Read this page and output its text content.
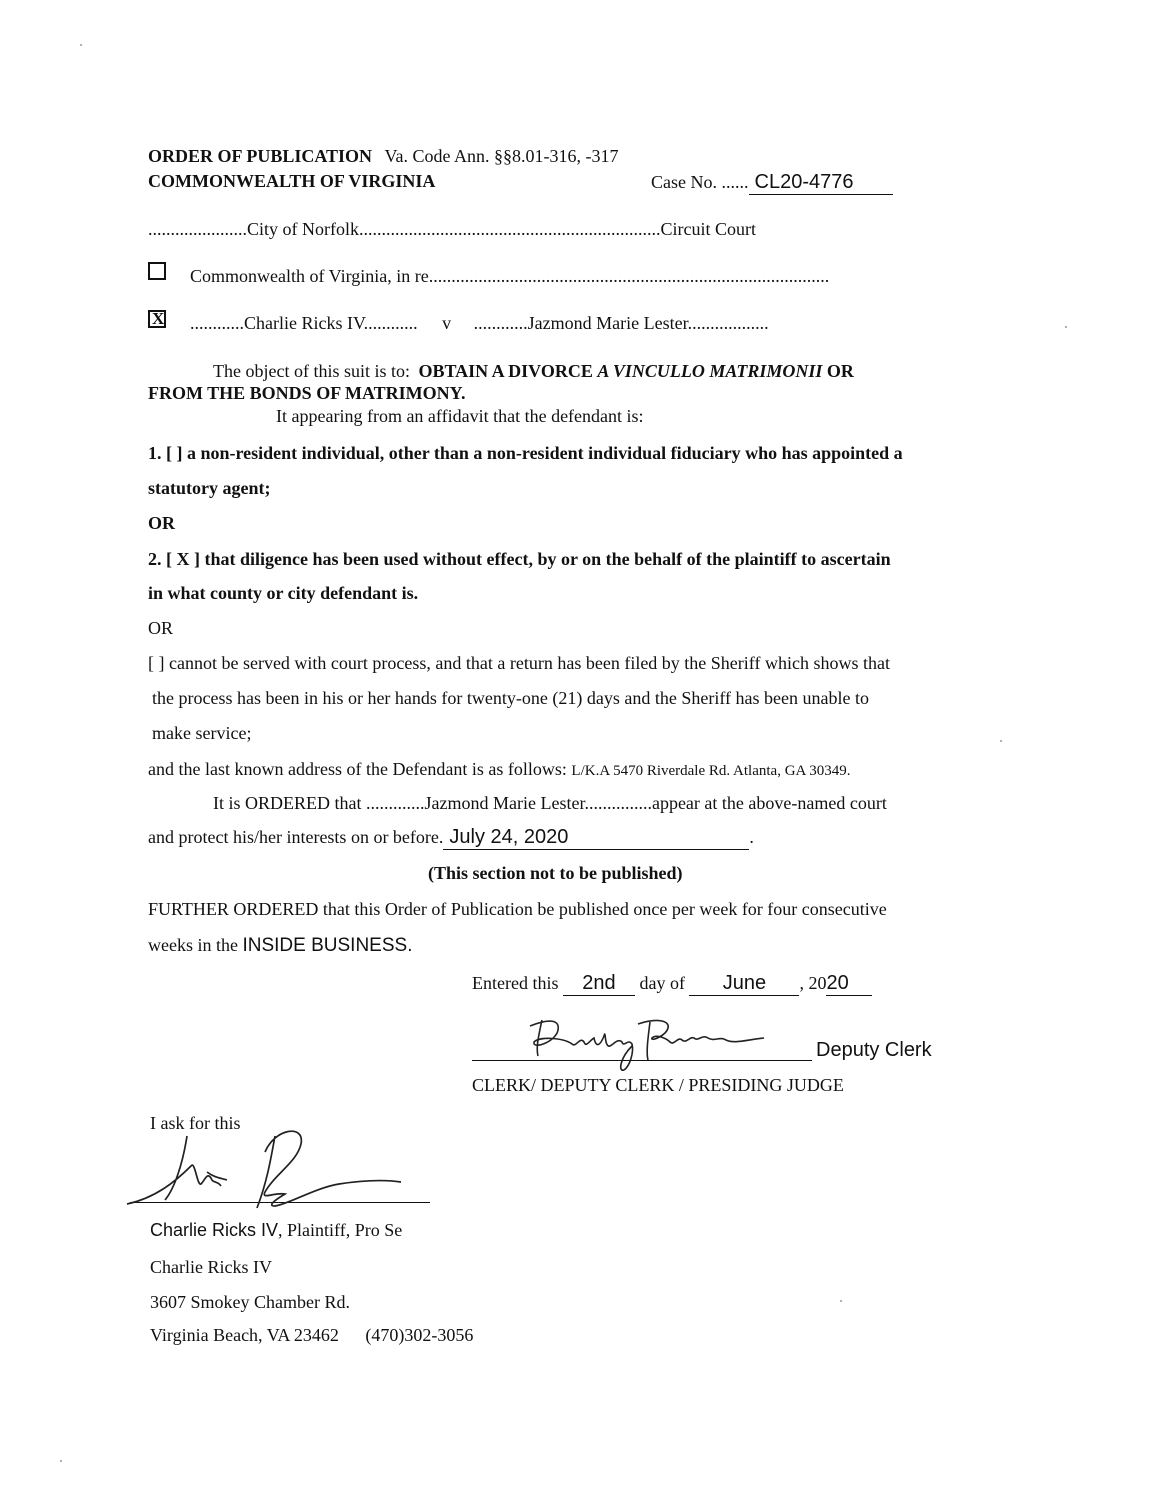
ORDER OF PUBLICATION Va. Code Ann. §§8.01-316, -317
COMMONWEALTH OF VIRGINIA	Case No. ...... CL20-4776
......................City of Norfolk...................................................................Circuit Court
Commonwealth of Virginia, in re.........................................................................................
X ............Charlie Ricks IV............ v ............Jazmond Marie Lester..................
The object of this suit is to: OBTAIN A DIVORCE A VINCULLO MATRIMONII OR
FROM THE BONDS OF MATRIMONY.
It appearing from an affidavit that the defendant is:
1. [ ] a non-resident individual, other than a non-resident individual fiduciary who has appointed a
statutory agent;
OR
2. [ X ] that diligence has been used without effect, by or on the behalf of the plaintiff to ascertain
in what county or city defendant is.
OR
[ ] cannot be served with court process, and that a return has been filed by the Sheriff which shows that
the process has been in his or her hands for twenty-one (21) days and the Sheriff has been unable to
make service;
and the last known address of the Defendant is as follows: L/K.A 5470 Riverdale Rd. Atlanta, GA 30349.
It is ORDERED that .............Jazmond Marie Lester...............appear at the above-named court
and protect his/her interests on or before. July 24, 2020	.
(This section not to be published)
FURTHER ORDERED that this Order of Publication be published once per week for four consecutive
weeks in the INSIDE BUSINESS.
Entered this 2nd day of June , 2020
Deputy Clerk
CLERK/ DEPUTY CLERK / PRESIDING JUDGE
I ask for this
Charlie Ricks IV, Plaintiff, Pro Se
Charlie Ricks IV
3607 Smokey Chamber Rd.
Virginia Beach, VA 23462 (470)302-3056
